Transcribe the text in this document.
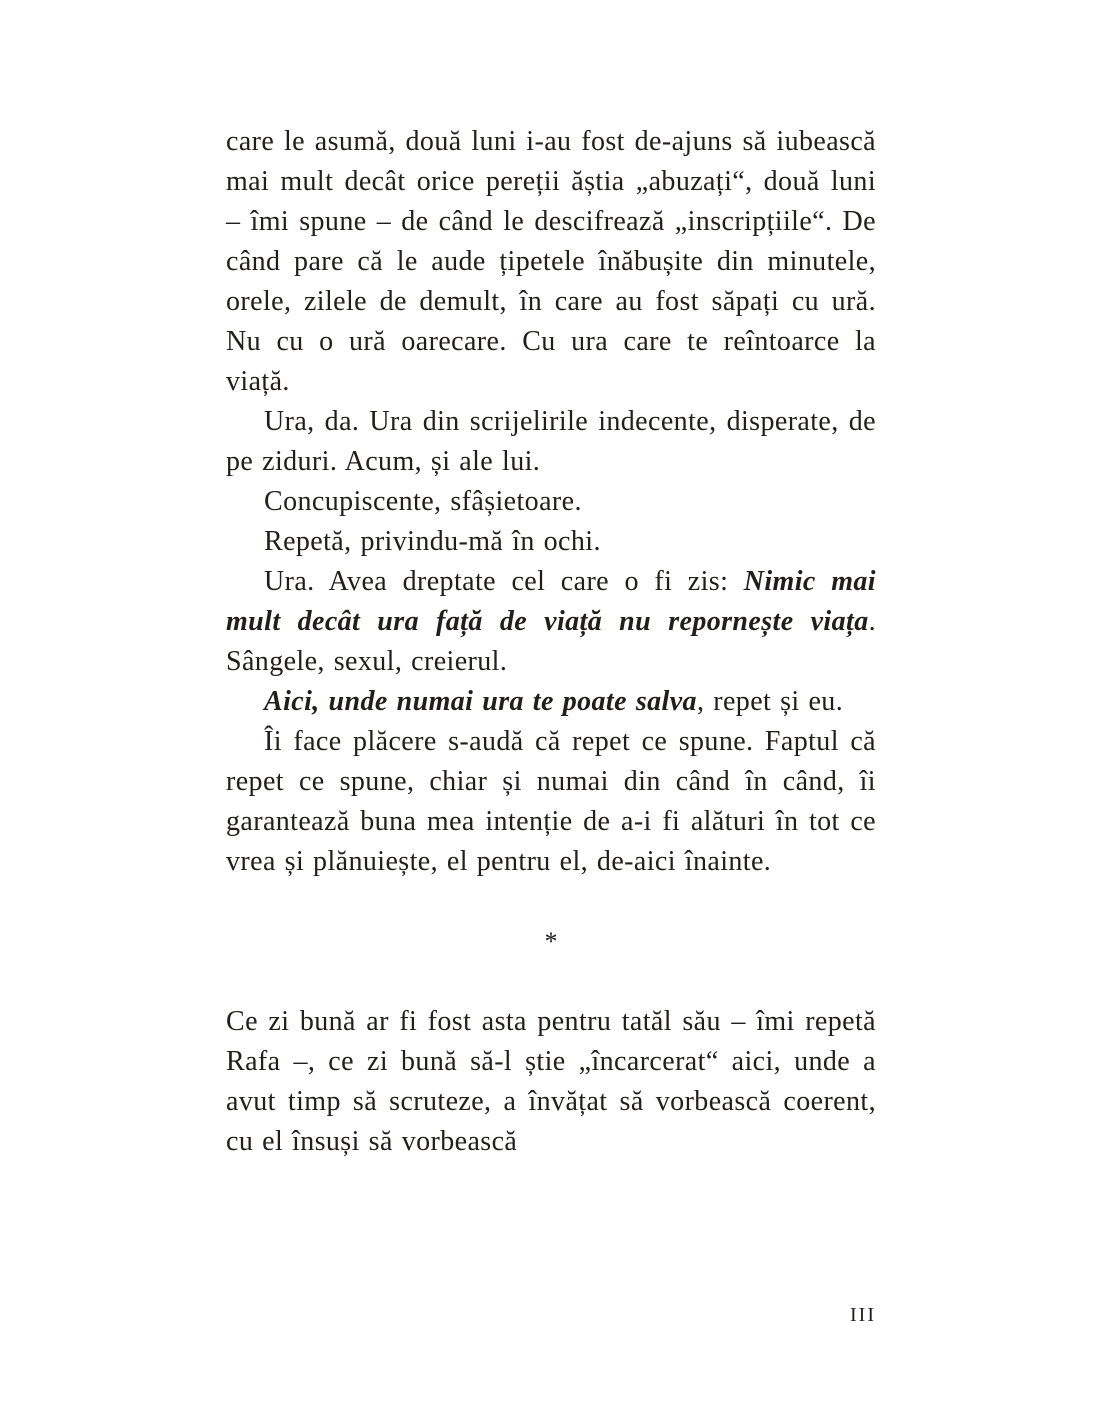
care le asumă, două luni i-au fost de-ajuns să iubească mai mult decât orice pereții ăștia „abuzați“, două luni – îmi spune – de când le descifrează „inscripțiile“. De când pare că le aude țipetele înăbușite din minutele, orele, zilele de demult, în care au fost săpați cu ură. Nu cu o ură oarecare. Cu ura care te reîntoarce la viață.

Ura, da. Ura din scrijelirile indecente, disperate, de pe ziduri. Acum, și ale lui.

Concupiscente, sfâșietoare.

Repetă, privindu-mă în ochi.

Ura. Avea dreptate cel care o fi zis: Nimic mai mult decât ura față de viață nu repornește viața. Sângele, sexul, creierul.

Aici, unde numai ura te poate salva, repet și eu.

Îi face plăcere s-audă că repet ce spune. Faptul că repet ce spune, chiar și numai din când în când, îi garantează buna mea intenție de a-i fi alături în tot ce vrea și plănuiește, el pentru el, de-aici înainte.

*

Ce zi bună ar fi fost asta pentru tatăl său – îmi repetă Rafa –, ce zi bună să-l știe „încarcerat“ aici, unde a avut timp să scruteze, a învățat să vorbească coerent, cu el însuși să vorbească

III
